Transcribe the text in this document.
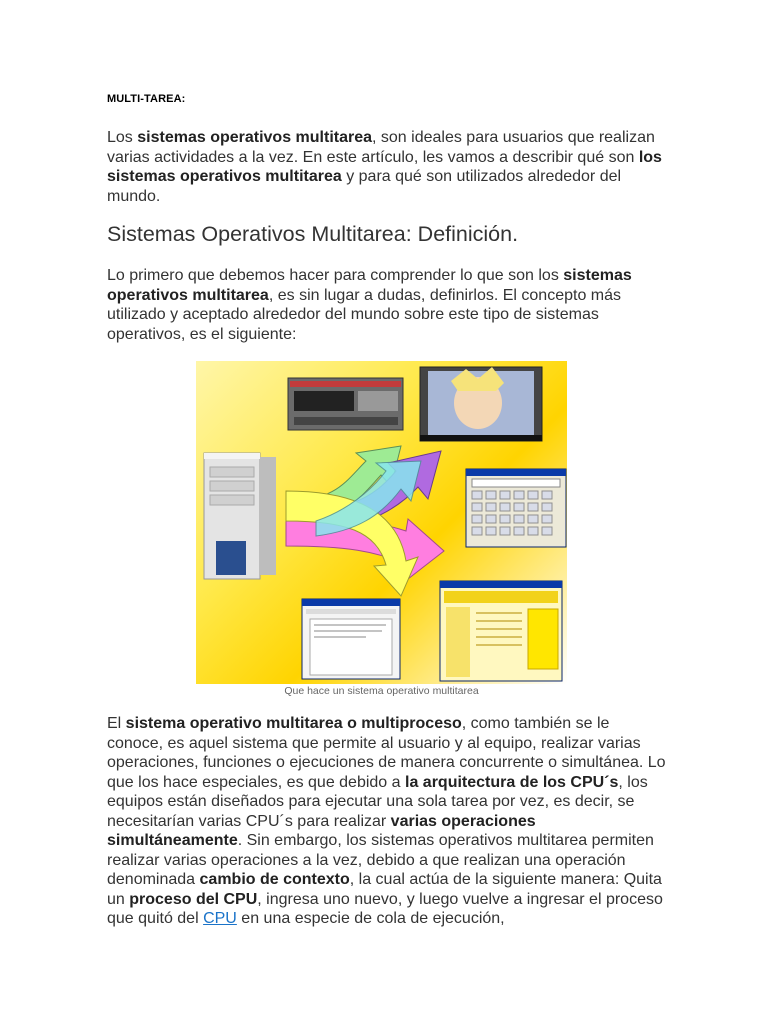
MULTI-TAREA:
Los sistemas operativos multitarea, son ideales para usuarios que realizan varias actividades a la vez. En este artículo, les vamos a describir qué son los sistemas operativos multitarea y para qué son utilizados alrededor del mundo.
Sistemas Operativos Multitarea: Definición.
Lo primero que debemos hacer para comprender lo que son los sistemas operativos multitarea, es sin lugar a dudas, definirlos. El concepto más utilizado y aceptado alrededor del mundo sobre este tipo de sistemas operativos, es el siguiente:
Que hace un sistema operativo multitarea
El sistema operativo multitarea o multiproceso, como también se le conoce, es aquel sistema que permite al usuario y al equipo, realizar varias operaciones, funciones o ejecuciones de manera concurrente o simultánea. Lo que los hace especiales, es que debido a la arquitectura de los CPU´s, los equipos están diseñados para ejecutar una sola tarea por vez, es decir, se necesitarían varias CPU´s para realizar varias operaciones simultáneamente. Sin embargo, los sistemas operativos multitarea permiten realizar varias operaciones a la vez, debido a que realizan una operación denominada cambio de contexto, la cual actúa de la siguiente manera: Quita un proceso del CPU, ingresa uno nuevo, y luego vuelve a ingresar el proceso que quitó del CPU en una especie de cola de ejecución,
